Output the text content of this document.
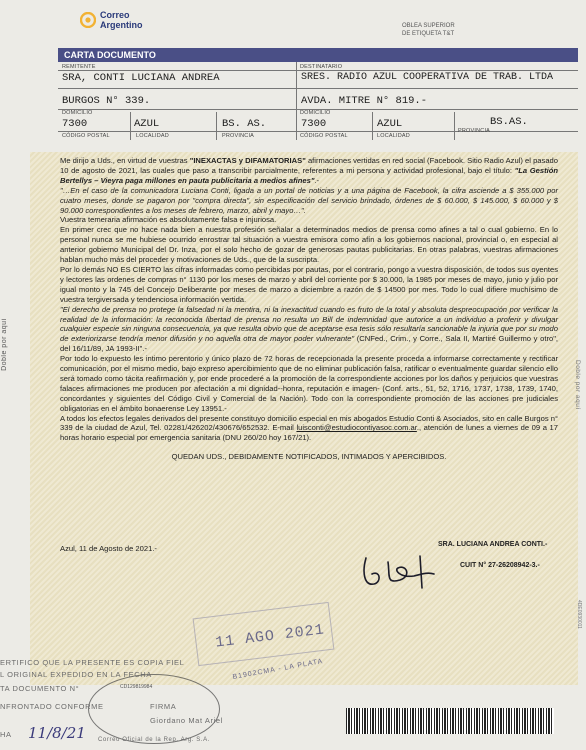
Correo
Argentino	OBLEA SUPERIOR
DE ETIQUETA T&T
CARTA DOCUMENTO
REMITENTE	DESTINATARIO
SRA, CONTI LUCIANA ANDREA	SRES. RADIO AZUL COOPERATIVA DE TRAB. LTDA
BURGOS N° 339.	AVDA. MITRE N° 819.-
DOMICILIO	DOMICILIO
7300	AZUL	BS. AS.	7300	AZUL	BS.AS.
CÓDIGO POSTAL	LOCALIDAD	PROVINCIA	CÓDIGO POSTAL	LOCALIDAD
PROVINCIA

Me dirijo a Uds., en virtud de vuestras "INEXACTAS y DIFAMATORIAS" afirmaciones vertidas en red social (Facebook. Sitio Radio Azul) el pasado 10 de agosto de 2021, las cuales que paso a transcribir parcialmente, referentes a mi persona y actividad profesional, bajo el título: "La Gestión Bertellys – Vieyra paga millones en pauta publicitaria a medios afines".-

"…En el caso de la comunicadora Luciana Conti, ligada a un portal de noticias y a una página de Facebook, la cifra asciende a $ 355.000 por cuatro meses, donde se pagaron por "compra directa", sin especificación del servicio brindado, órdenes de $ 60.000, $ 145.000, $ 60.000 y $ 90.000 correspondientes a los meses de febrero, marzo, abril y mayo…".

Vuestra temeraria afirmación es absolutamente falsa e injuriosa.

En primer crec que no hace nada bien a nuestra profesión señalar a determinados medios de prensa como afines a tal o cual gobierno. En lo personal nunca se me hubiese ocurrido enrostrar tal situación a vuestra emisora como afín a los gobiernos nacional, provincial o, en especial al anterior gobierno Municipal del Dr. Inza, por el solo hecho de gozar de generosas pautas publicitarias. En otras palabras, vuestras afirmaciones hablan mucho más del proceder y motivaciones de Uds., que de la suscripta.

Por lo demás NO ES CIERTO las cifras informadas como percibidas por pautas, por el contrario, pongo a vuestra disposición, de todos sus oyentes y lectores las ordenes de compras n° 1130 por los meses de marzo y abril del corriente por $ 30.000, la 1985 por meses de mayo, junio y julio por igual monto y la 745 del Concejo Deliberante por meses de marzo a diciembre a razón de $ 14500 por mes. Todo lo cual difiere muchísimo de vuestra tergiversada y tendenciosa información vertida.

"El derecho de prensa no protege la falsedad ni la mentira, ni la inexactitud cuando es fruto de la total y absoluta despreocupación por verificar la realidad de la información: la reconocida libertad de prensa no resulta un Bill de indemnidad que autorice a un individuo a proferir y divulgar cualquier especie sin ninguna consecuencia, ya que resulta obvio que de aceptarse esa tesis sólo resultaría sancionable la injuria que por su modo de exteriorizarse tendría menor difusión y no aquella otra de mayor poder vulnerante" (CNFed., Crim., y Corre., Sala II, Martiré Guillermo y otro", del 16/11/89, JA 1993-II".-

Por todo lo expuesto les intimo perentorio y único plazo de 72 horas de recepcionada la presente proceda a informarse correctamente y rectificar comunicación, por el mismo medio, bajo expreso apercibimiento que de no eliminar publicación falsa, ratificar o eventualmente guardar silencio ello será tomado como tácita reafirmación y, por ende procederé a la promoción de la correspondiente acciones por los daños y perjuicios que vuestras falaces afirmaciones me producen por afectación a mi dignidad--honra, reputación e imagen- (Conf. arts., 51, 52, 1716, 1737, 1738, 1739, 1740, concordantes y siguientes del Código Civil y Comercial de la Nación). Todo con la correspondiente promoción de las acciones pre judiciales obligatorias en el ámbito bonaerense Ley 13951.-

A todos los efectos legales derivados del presente constituyo domicilio especial en mis abogados Estudio Conti & Asociados, sito en calle Burgos n° 339 de la ciudad de Azul, Tel. 02281/426202/430676/652532. E-mail luisconti@estudiocontiyasoc.com.ar., atención de lunes a viernes de 09 a 17 horas horario especial por emergencia sanitaria (DNU 260/20 hoy 167/21).

QUEDAN UDS., DEBIDAMENTE NOTIFICADOS, INTIMADOS Y APERCIBIDOS.

Azul, 11 de Agosto de 2021.-	SRA. LUCIANA ANDREA CONTI.-
CUIT N° 27-26208942-3.-
Doble por aquí
Doble por aquí
4DE0930011
11 AGO 2021
B1902CMA - LA PLATA
CD129819984
ERTIFICO QUE LA PRESENTE ES COPIA FIEL
L ORIGINAL EXPEDIDO EN LA FECHA
TA DOCUMENTO N°
NFRONTADO CONFORME
Giordano Mat Ariel
FIRMA
HA
Correo Oficial de la Rep. Arg. S.A.
11/8/21
